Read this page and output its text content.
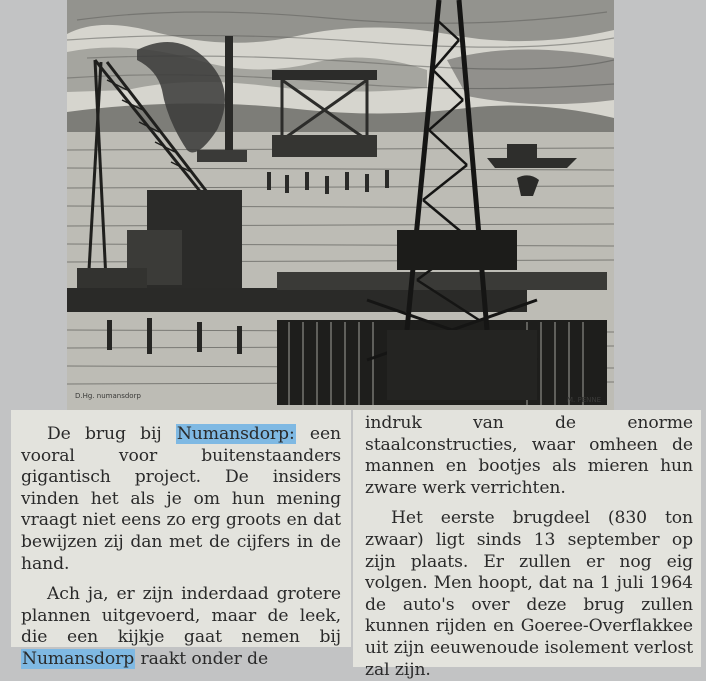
D.Hg. numansdorp	M. PENNE

De brug bij Numansdorp: een vooral voor buitenstaanders gigantisch project. De insiders vinden het als je om hun mening vraagt niet eens zo erg groots en dat bewijzen zij dan met de cijfers in de hand.

Ach ja, er zijn inderdaad grotere plannen uitgevoerd, maar de leek, die een kijkje gaat nemen bij Numansdorp raakt onder de

indruk van de enorme staalconstructies, waar omheen de mannen en bootjes als mieren hun zware werk verrichten.

Het eerste brugdeel (830 ton zwaar) ligt sinds 13 september op zijn plaats. Er zullen er nog eig volgen. Men hoopt, dat na 1 juli 1964 de auto's over deze brug zullen kunnen rijden en Goeree-Overflakkee uit zijn eeuwenoude isolement verlost zal zijn.
